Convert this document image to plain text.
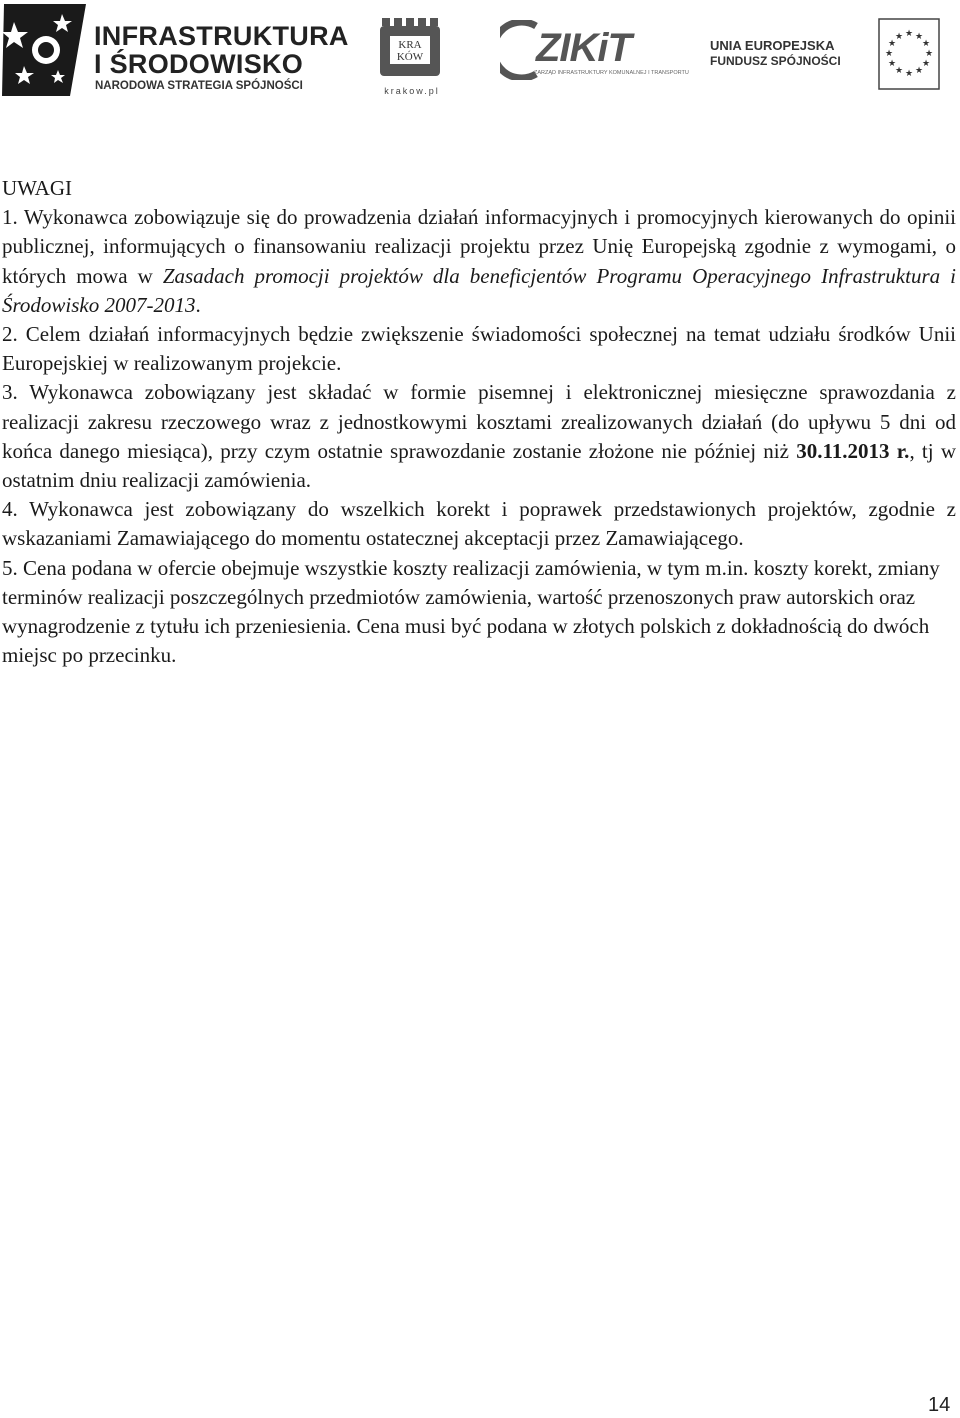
INFRASTRUKTURA
I ŚRODOWISKO
NARODOWA STRATEGIA SPÓJNOŚCI
KRA
KÓW
krakow.pl
ZIKiT
ZARZĄD INFRASTRUKTURY KOMUNALNEJ I TRANSPORTU
UNIA EUROPEJSKA
FUNDUSZ SPÓJNOŚCI
★ ★
★
★
★
★
★
★
★
★
★
★

UWAGI

1. Wykonawca zobowiązuje się do prowadzenia działań informacyjnych i promocyjnych kierowanych do opinii publicznej, informujących o finansowaniu realizacji projektu przez Unię Europejską zgodnie z wymogami, o których mowa w Zasadach promocji projektów dla beneficjentów Programu Operacyjnego Infrastruktura i Środowisko 2007-2013.

2. Celem działań informacyjnych będzie zwiększenie świadomości społecznej na temat udziału środków Unii Europejskiej w realizowanym projekcie.

3. Wykonawca zobowiązany jest składać w formie pisemnej i elektronicznej miesięczne sprawozdania z realizacji zakresu rzeczowego wraz z jednostkowymi kosztami zrealizowanych działań (do upływu 5 dni od końca danego miesiąca), przy czym ostatnie sprawozdanie zostanie złożone nie później niż 30.11.2013 r., tj w ostatnim dniu realizacji zamówienia.

4. Wykonawca jest zobowiązany do wszelkich korekt i poprawek przedstawionych projektów, zgodnie z wskazaniami Zamawiającego do momentu ostatecznej akceptacji przez Zamawiającego.

5. Cena podana w ofercie obejmuje wszystkie koszty realizacji zamówienia, w tym m.in. koszty korekt, zmiany terminów realizacji poszczególnych przedmiotów zamówienia, wartość przenoszonych praw autorskich oraz wynagrodzenie z tytułu ich przeniesienia. Cena musi być podana w złotych polskich z dokładnością do dwóch miejsc po przecinku.

14
